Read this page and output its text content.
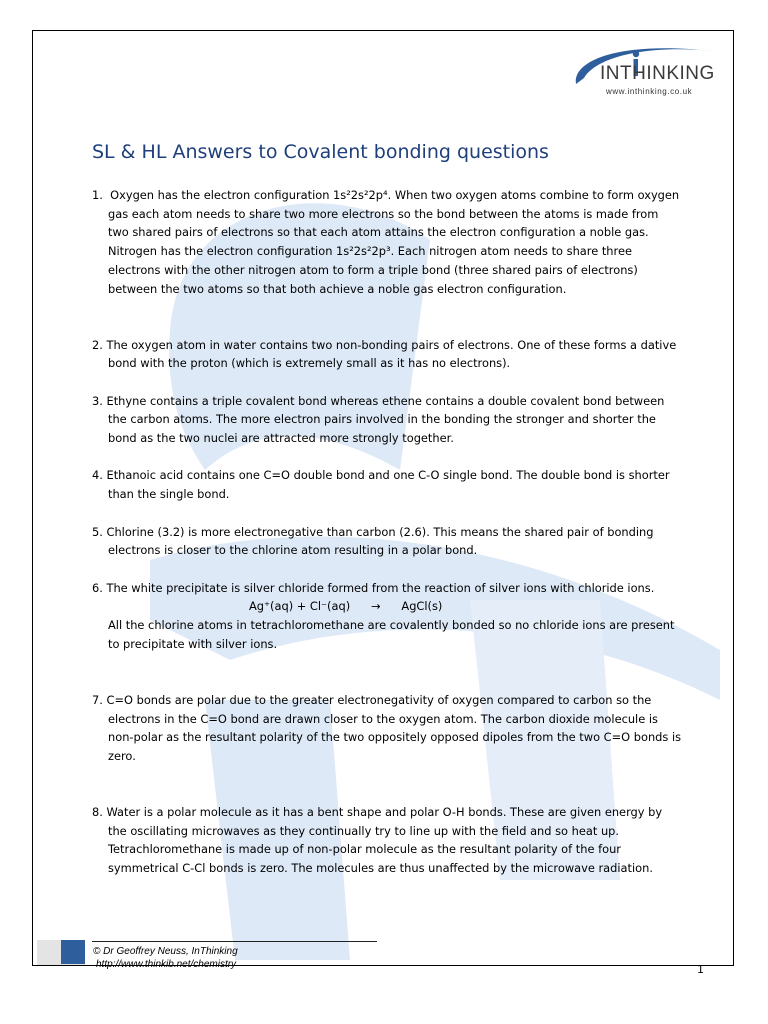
INTHINKING
www.inthinking.co.uk
SL & HL Answers to Covalent bonding questions
1. Oxygen has the electron configuration 1s²2s²2p⁴. When two oxygen atoms combine to form oxygen gas each atom needs to share two more electrons so the bond between the atoms is made from two shared pairs of electrons so that each atom attains the electron configuration a noble gas.
Nitrogen has the electron configuration 1s²2s²2p³. Each nitrogen atom needs to share three electrons with the other nitrogen atom to form a triple bond (three shared pairs of electrons) between the two atoms so that both achieve a noble gas electron configuration.
2. The oxygen atom in water contains two non-bonding pairs of electrons. One of these forms a dative bond with the proton (which is extremely small as it has no electrons).
3. Ethyne contains a triple covalent bond whereas ethene contains a double covalent bond between the carbon atoms. The more electron pairs involved in the bonding the stronger and shorter the bond as the two nuclei are attracted more strongly together.
4. Ethanoic acid contains one C=O double bond and one C-O single bond. The double bond is shorter than the single bond.
5. Chlorine (3.2) is more electronegative than carbon (2.6). This means the shared pair of bonding electrons is closer to the chlorine atom resulting in a polar bond.
6. The white precipitate is silver chloride formed from the reaction of silver ions with chloride ions.
Ag⁺(aq) + Cl⁻(aq) → AgCl(s)
All the chlorine atoms in tetrachloromethane are covalently bonded so no chloride ions are present to precipitate with silver ions.
7. C=O bonds are polar due to the greater electronegativity of oxygen compared to carbon so the electrons in the C=O bond are drawn closer to the oxygen atom. The carbon dioxide molecule is non-polar as the resultant polarity of the two oppositely opposed dipoles from the two C=O bonds is zero.
8. Water is a polar molecule as it has a bent shape and polar O-H bonds. These are given energy by the oscillating microwaves as they continually try to line up with the field and so heat up. Tetrachloromethane is made up of non-polar molecule as the resultant polarity of the four symmetrical C-Cl bonds is zero. The molecules are thus unaffected by the microwave radiation.
© Dr Geoffrey Neuss, InThinking
http://www.thinkib.net/chemistry	1
